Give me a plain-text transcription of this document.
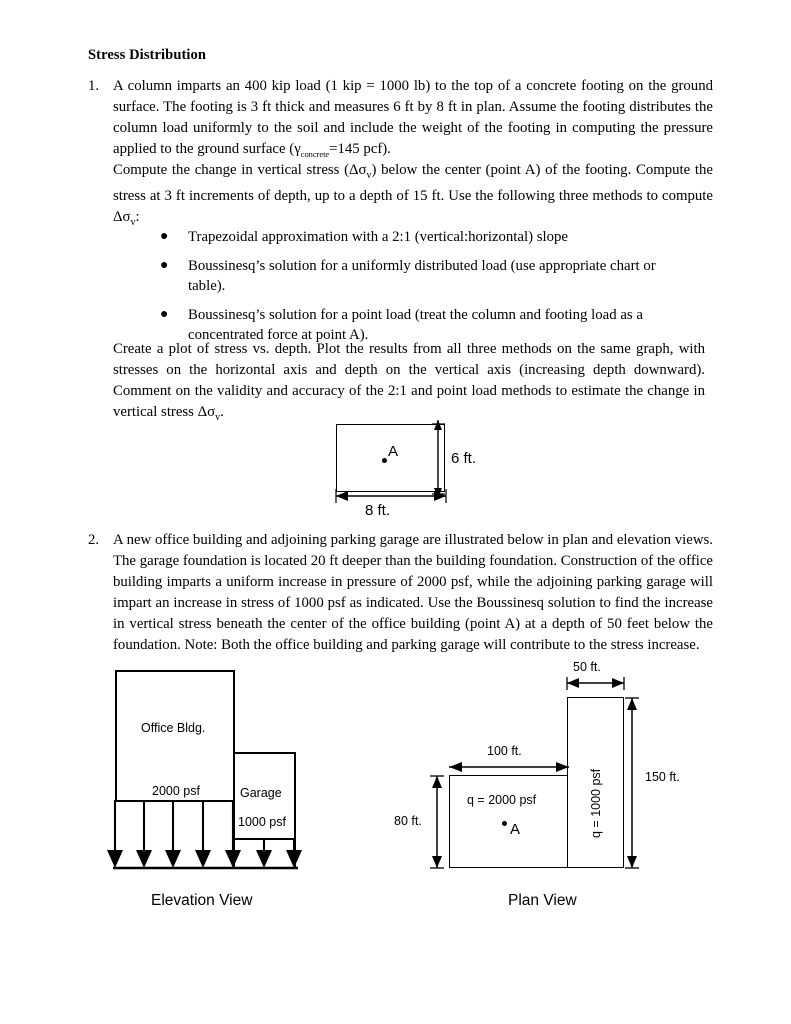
Stress Distribution
1. A column imparts an 400 kip load (1 kip = 1000 lb) to the top of a concrete footing on the ground surface. The footing is 3 ft thick and measures 6 ft by 8 ft in plan. Assume the footing distributes the column load uniformly to the soil and include the weight of the footing in computing the pressure applied to the ground surface ($\gamma_{concrete}=145$ pcf).
Compute the change in vertical stress $(\Delta\sigma_v)$ below the center (point A) of the footing. Compute the stress at 3 ft increments of depth, up to a depth of 15 ft. Use the following three methods to compute $\Delta\sigma_v$:
● Trapezoidal approximation with a 2:1 (vertical:horizontal) slope
● Boussinesq’s solution for a uniformly distributed load (use appropriate chart or table).
● Boussinesq’s solution for a point load (treat the column and footing load as a concentrated force at point A).
Create a plot of stress vs. depth. Plot the results from all three methods on the same graph, with stresses on the horizontal axis and depth on the vertical axis (increasing depth downward). Comment on the validity and accuracy of the 2:1 and point load methods to estimate the change in vertical stress $\Delta\sigma_v$.
A	6 ft.
8 ft.
2. A new office building and adjoining parking garage are illustrated below in plan and elevation views. The garage foundation is located 20 ft deeper than the building foundation. Construction of the office building imparts a uniform increase in pressure of 2000 psf, while the adjoining parking garage will impart an increase in stress of 1000 psf as indicated. Use the Boussinesq solution to find the increase in vertical stress beneath the center of the office building (point A) at a depth of 50 feet below the foundation. Note: Both the office building and parking garage will contribute to the stress increase.
Office Bldg.
2000 psf	Garage
1000 psf
Elevation View
q = 2000 psf
A	q = 1000 psf
100 ft.
80 ft.
50 ft.
150 ft.
Plan View
